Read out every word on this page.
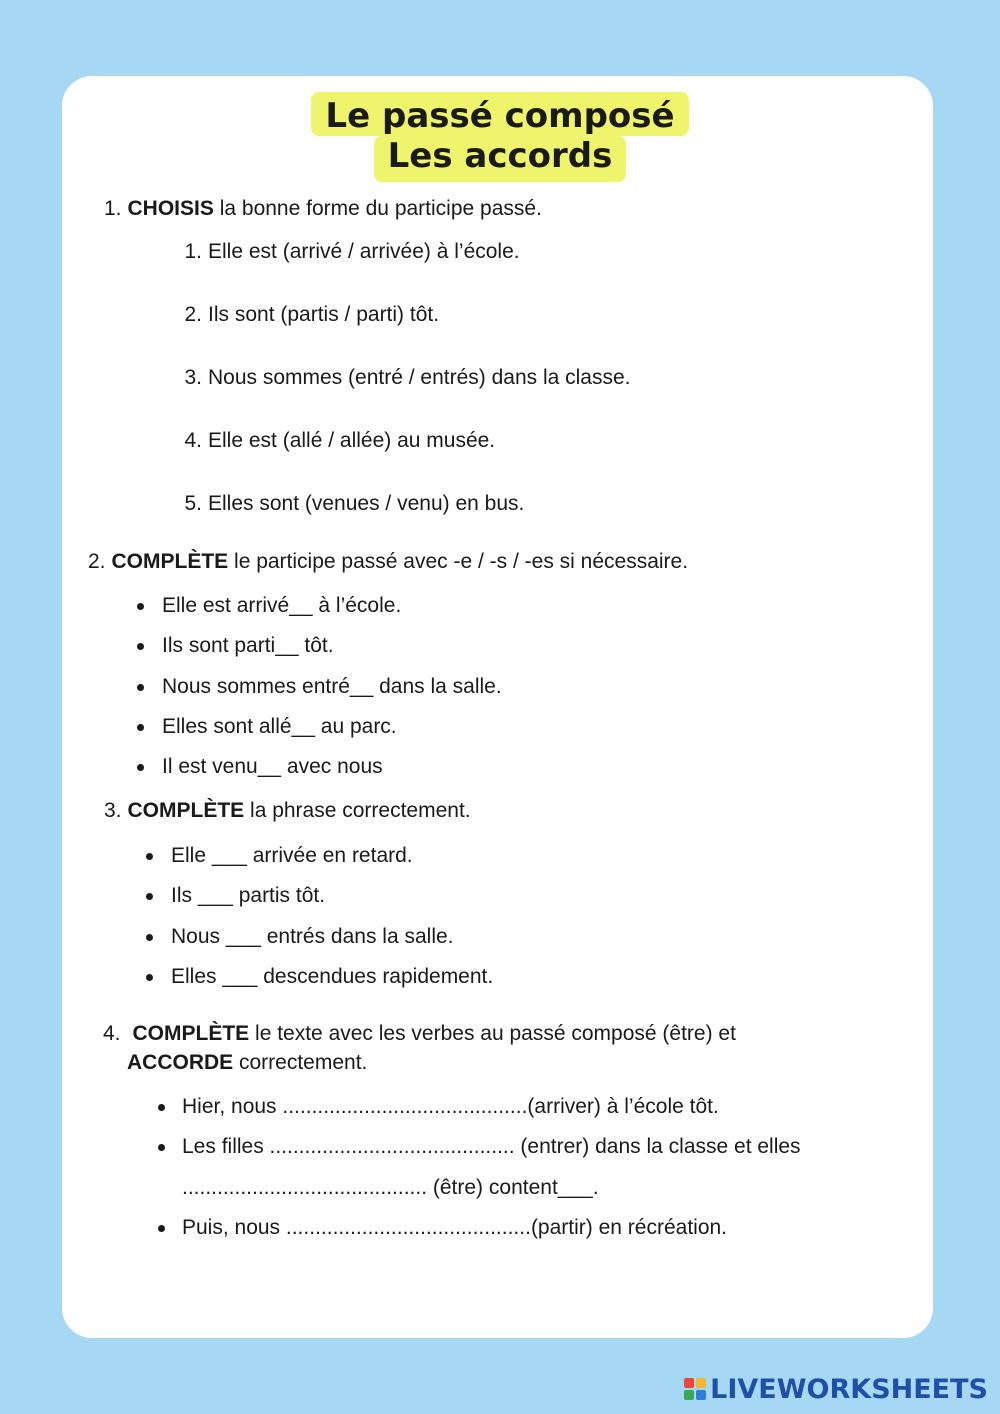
Le passé composé
Les accords
1. CHOISIS la bonne forme du participe passé.
1. Elle est (arrivé / arrivée) à l’école.
2. Ils sont (partis / parti) tôt.
3. Nous sommes (entré / entrés) dans la classe.
4. Elle est (allé / allée) au musée.
5. Elles sont (venues / venu) en bus.
2. COMPLÈTE le participe passé avec -e / -s / -es si nécessaire.
Elle est arrivé__ à l’école.
Ils sont parti__ tôt.
Nous sommes entré__ dans la salle.
Elles sont allé__ au parc.
Il est venu__ avec nous
3. COMPLÈTE la phrase correctement.
Elle ___ arrivée en retard.
Ils ___ partis tôt.
Nous ___ entrés dans la salle.
Elles ___ descendues rapidement.
4. COMPLÈTE le texte avec les verbes au passé composé (être) et
ACCORDE correctement.
Hier, nous ..........................................(arriver) à l’école tôt.
Les filles .......................................... (entrer) dans la classe et elles
.......................................... (être) content___.
Puis, nous ..........................................(partir) en récréation.
LIVEWORKSHEETS
